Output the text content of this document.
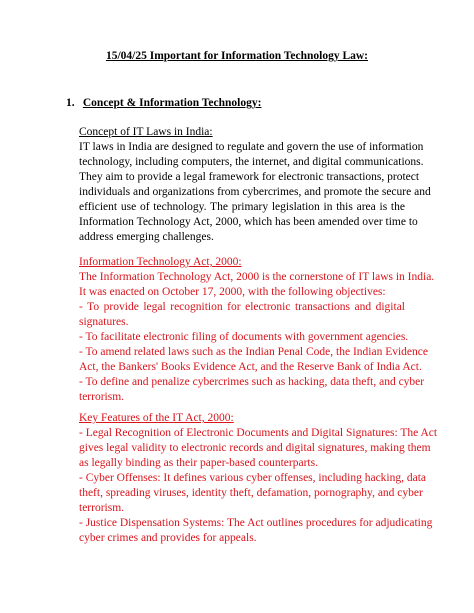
15/04/25 Important for Information Technology Law:
1. Concept & Information Technology:
Concept of IT Laws in India:
IT laws in India are designed to regulate and govern the use of information
technology, including computers, the internet, and digital communications.
They aim to provide a legal framework for electronic transactions, protect
individuals and organizations from cybercrimes, and promote the secure and
efficient use of technology. The primary legislation in this area is the
Information Technology Act, 2000, which has been amended over time to
address emerging challenges.
Information Technology Act, 2000:
The Information Technology Act, 2000 is the cornerstone of IT laws in India.
It was enacted on October 17, 2000, with the following objectives:
- To provide legal recognition for electronic transactions and digital
signatures.
- To facilitate electronic filing of documents with government agencies.
- To amend related laws such as the Indian Penal Code, the Indian Evidence
Act, the Bankers' Books Evidence Act, and the Reserve Bank of India Act.
- To define and penalize cybercrimes such as hacking, data theft, and cyber
terrorism.
Key Features of the IT Act, 2000:
- Legal Recognition of Electronic Documents and Digital Signatures: The Act
gives legal validity to electronic records and digital signatures, making them
as legally binding as their paper-based counterparts.
- Cyber Offenses: It defines various cyber offenses, including hacking, data
theft, spreading viruses, identity theft, defamation, pornography, and cyber
terrorism.
- Justice Dispensation Systems: The Act outlines procedures for adjudicating
cyber crimes and provides for appeals.
